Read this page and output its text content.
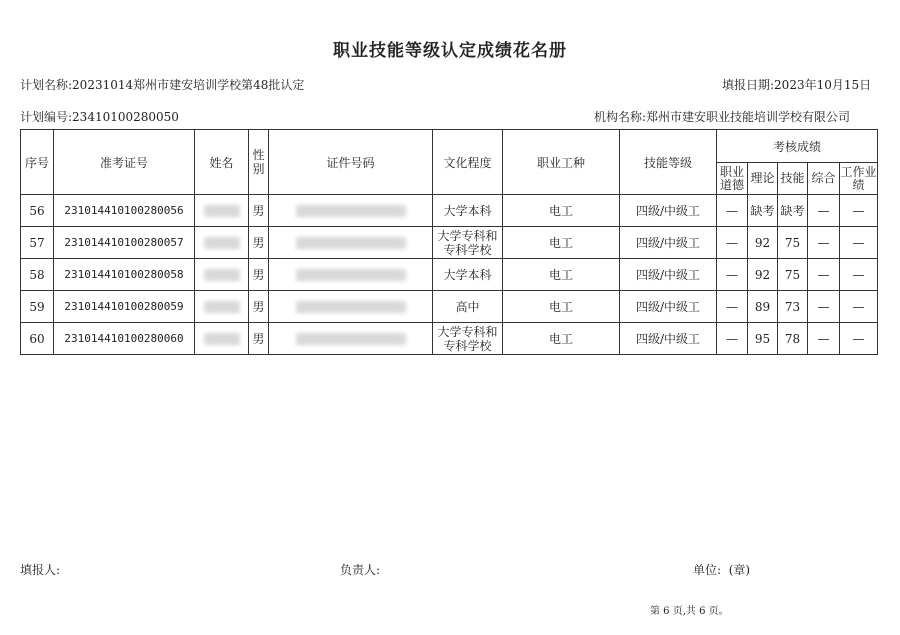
职业技能等级认定成绩花名册
计划名称:20231014郑州市建安培训学校第48批认定	填报日期:2023年10月15日
计划编号:23410100280050	机构名称:郑州市建安职业技能培训学校有限公司
序号	准考证号	姓名	性别	证件号码	文化程度	职业工种	技能等级	考核成绩				
								职业道德	理论	技能	综合	工作业绩
56	231014410100280056		男		大学本科	电工	四级/中级工	—	缺考	缺考	—	—
57	231014410100280057		男		大学专科和专科学校	电工	四级/中级工	—	92	75	—	—
58	231014410100280058		男		大学本科	电工	四级/中级工	—	92	75	—	—
59	231014410100280059		男		高中	电工	四级/中级工	—	89	73	—	—
60	231014410100280060		男		大学专科和专科学校	电工	四级/中级工	—	95	78	—	—
填报人:	负责人:	单位: (章)
第 6 页,共 6 页。
